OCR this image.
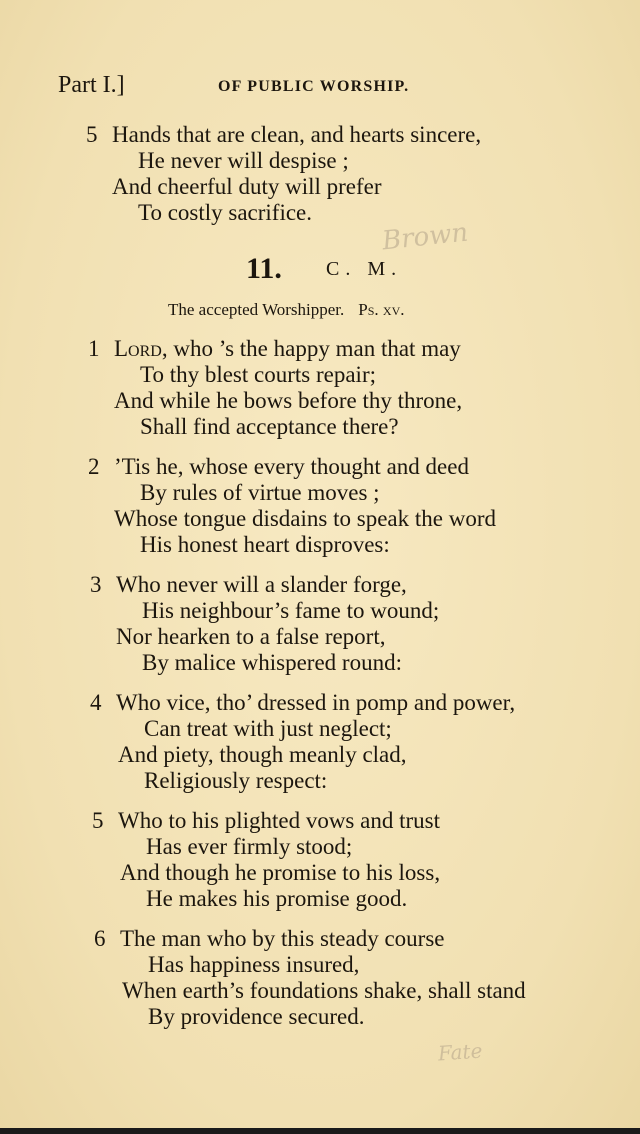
Part I.]	OF PUBLIC WORSHIP.
5 Hands that are clean, and hearts sincere,
He never will despise ;
And cheerful duty will prefer
To costly sacrifice.
Brown
11. C. M.
The accepted Worshipper. Ps. xv.
1 Lord, who ’s the happy man that may
To thy blest courts repair;
And while he bows before thy throne,
Shall find acceptance there?
2 ’Tis he, whose every thought and deed
By rules of virtue moves ;
Whose tongue disdains to speak the word
His honest heart disproves:
3 Who never will a slander forge,
His neighbour’s fame to wound;
Nor hearken to a false report,
By malice whispered round:
4 Who vice, tho’ dressed in pomp and power,
Can treat with just neglect;
And piety, though meanly clad,
Religiously respect:
5 Who to his plighted vows and trust
Has ever firmly stood;
And though he promise to his loss,
He makes his promise good.
6 The man who by this steady course
Has happiness insured,
When earth’s foundations shake, shall stand
By providence secured.
Fate
